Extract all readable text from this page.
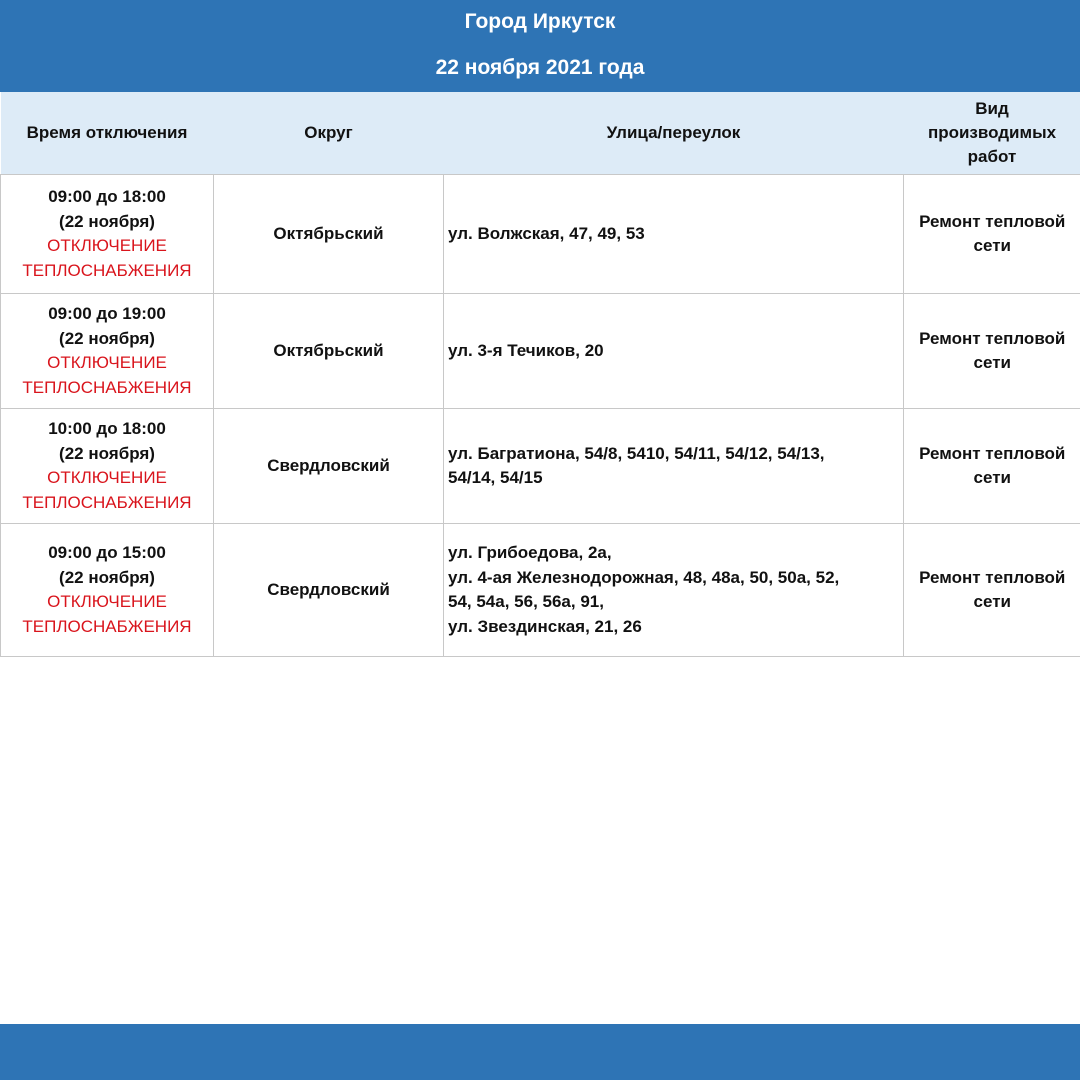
Город Иркутск
22 ноября 2021 года
Время отключения	Округ	Улица/переулок	Вид
производимых
работ

09:00 до 18:00
(22 ноября)
ОТКЛЮЧЕНИЕ
ТЕПЛОСНАБЖЕНИЯ	Октябрьский	ул. Волжская, 47, 49, 53	Ремонт тепловой
сети

09:00 до 19:00
(22 ноября)
ОТКЛЮЧЕНИЕ
ТЕПЛОСНАБЖЕНИЯ	Октябрьский	ул. 3-я Течиков, 20	Ремонт тепловой
сети

10:00 до 18:00
(22 ноября)
ОТКЛЮЧЕНИЕ
ТЕПЛОСНАБЖЕНИЯ	Свердловский	ул. Багратиона, 54/8, 5410, 54/11, 54/12, 54/13,
54/14, 54/15	Ремонт тепловой
сети

09:00 до 15:00
(22 ноября)
ОТКЛЮЧЕНИЕ
ТЕПЛОСНАБЖЕНИЯ	Свердловский	ул. Грибоедова, 2а,
ул. 4-ая Железнодорожная, 48, 48а, 50, 50а, 52,
54, 54а, 56, 56а, 91,
ул. Звездинская, 21, 26	Ремонт тепловой
сети
